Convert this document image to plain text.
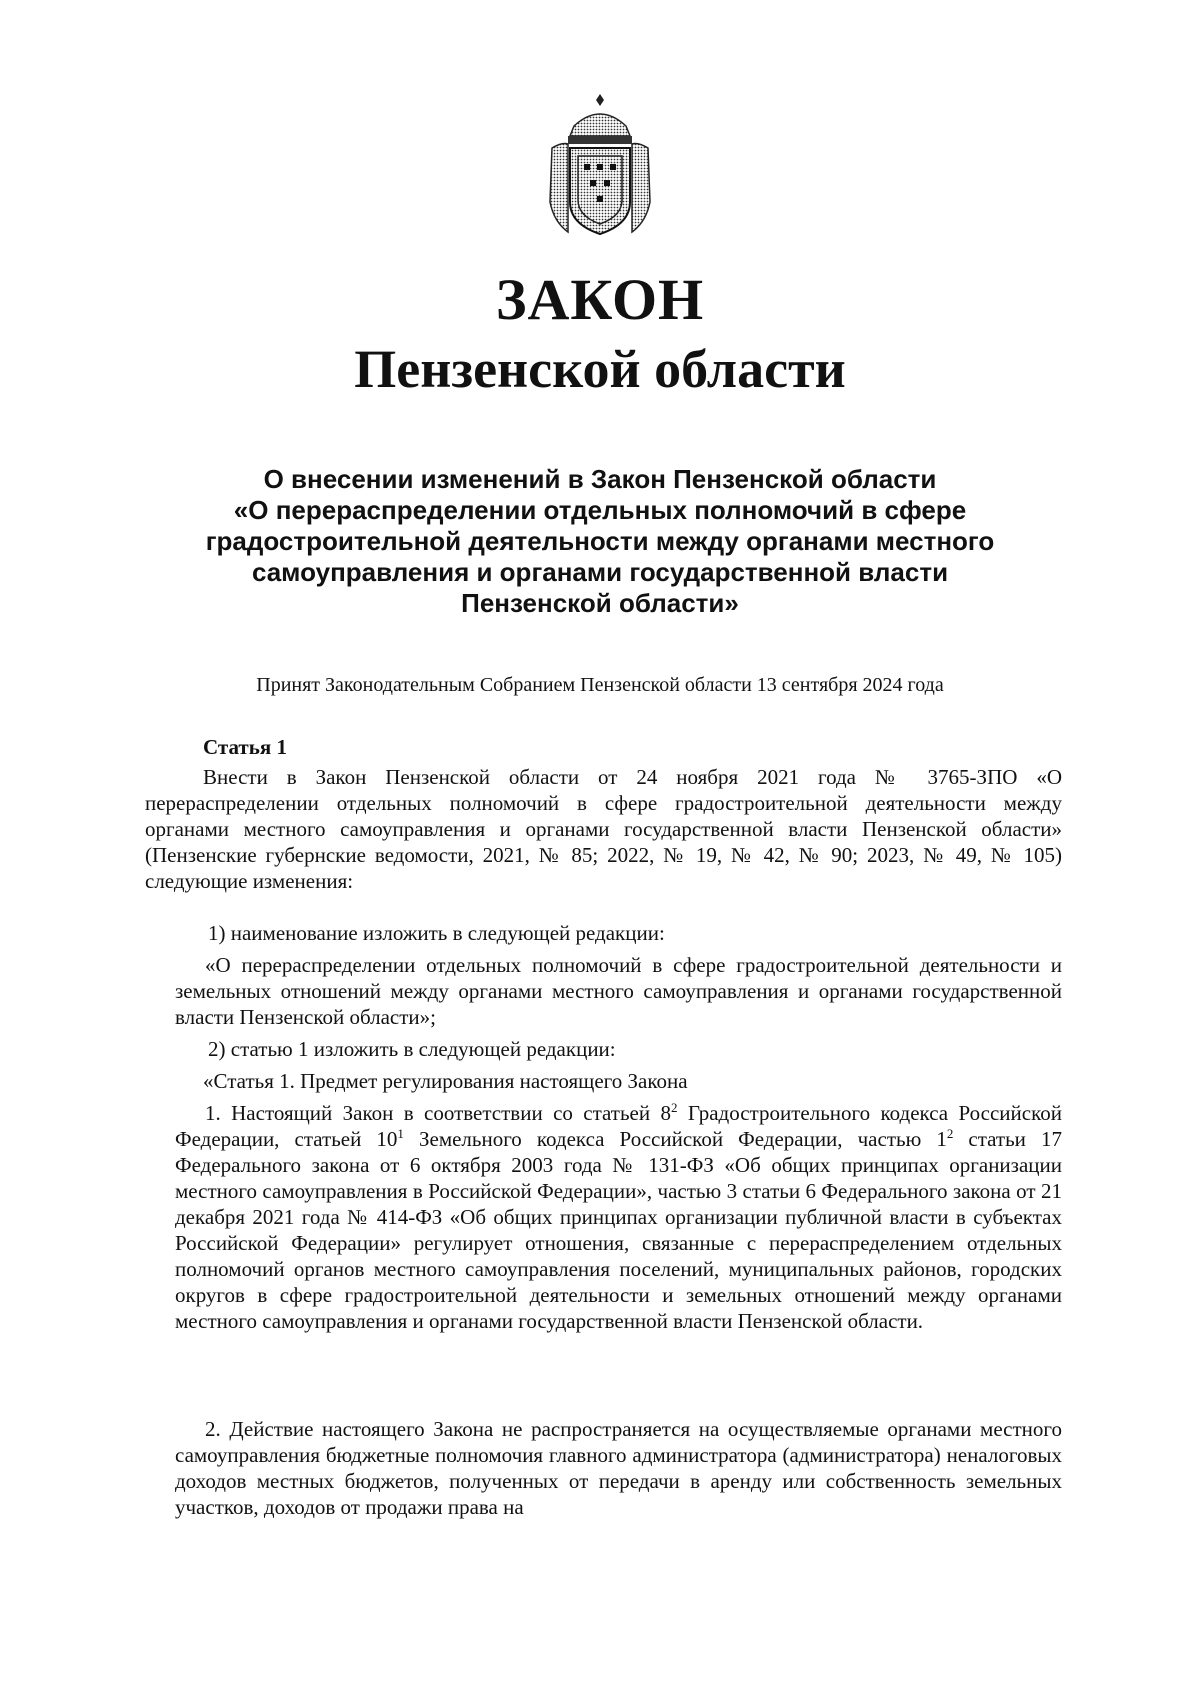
ЗАКОН
Пензенской области
О внесении изменений в Закон Пензенской области
«О перераспределении отдельных полномочий в сфере
градостроительной деятельности между органами местного
самоуправления и органами государственной власти
Пензенской области»
Принят Законодательным Собранием Пензенской области 13 сентября 2024 года
Статья 1

Внести в Закон Пензенской области от 24 ноября 2021 года № 3765-ЗПО «О перераспределении отдельных полномочий в сфере градостроительной деятельности между органами местного самоуправления и органами государственной власти Пензенской области» (Пензенские губернские ведомости, 2021, № 85; 2022, № 19, № 42, № 90; 2023, № 49, № 105) следующие изменения:

1) наименование изложить в следующей редакции:

«О перераспределении отдельных полномочий в сфере градостроительной деятельности и земельных отношений между органами местного самоуправления и органами государственной власти Пензенской области»;

2) статью 1 изложить в следующей редакции:
«Статья 1. Предмет регулирования настоящего Закона

1. Настоящий Закон в соответствии со статьей $8^2$ Градостроительного кодекса Российской Федерации, статьей $10^1$ Земельного кодекса Российской Федерации, частью $1^2$ статьи 17 Федерального закона от 6 октября 2003 года № 131-ФЗ «Об общих принципах организации местного самоуправления в Российской Федерации», частью 3 статьи 6 Федерального закона от 21 декабря 2021 года № 414-ФЗ «Об общих принципах организации публичной власти в субъектах Российской Федерации» регулирует отношения, связанные с перераспределением отдельных полномочий органов местного самоуправления поселений, муниципальных районов, городских округов в сфере градостроительной деятельности и земельных отношений между органами местного самоуправления и органами государственной власти Пензенской области.

2. Действие настоящего Закона не распространяется на осуществляемые органами местного самоуправления бюджетные полномочия главного администратора (администратора) неналоговых доходов местных бюджетов, полученных от передачи в аренду или собственность земельных участков, доходов от продажи права на
